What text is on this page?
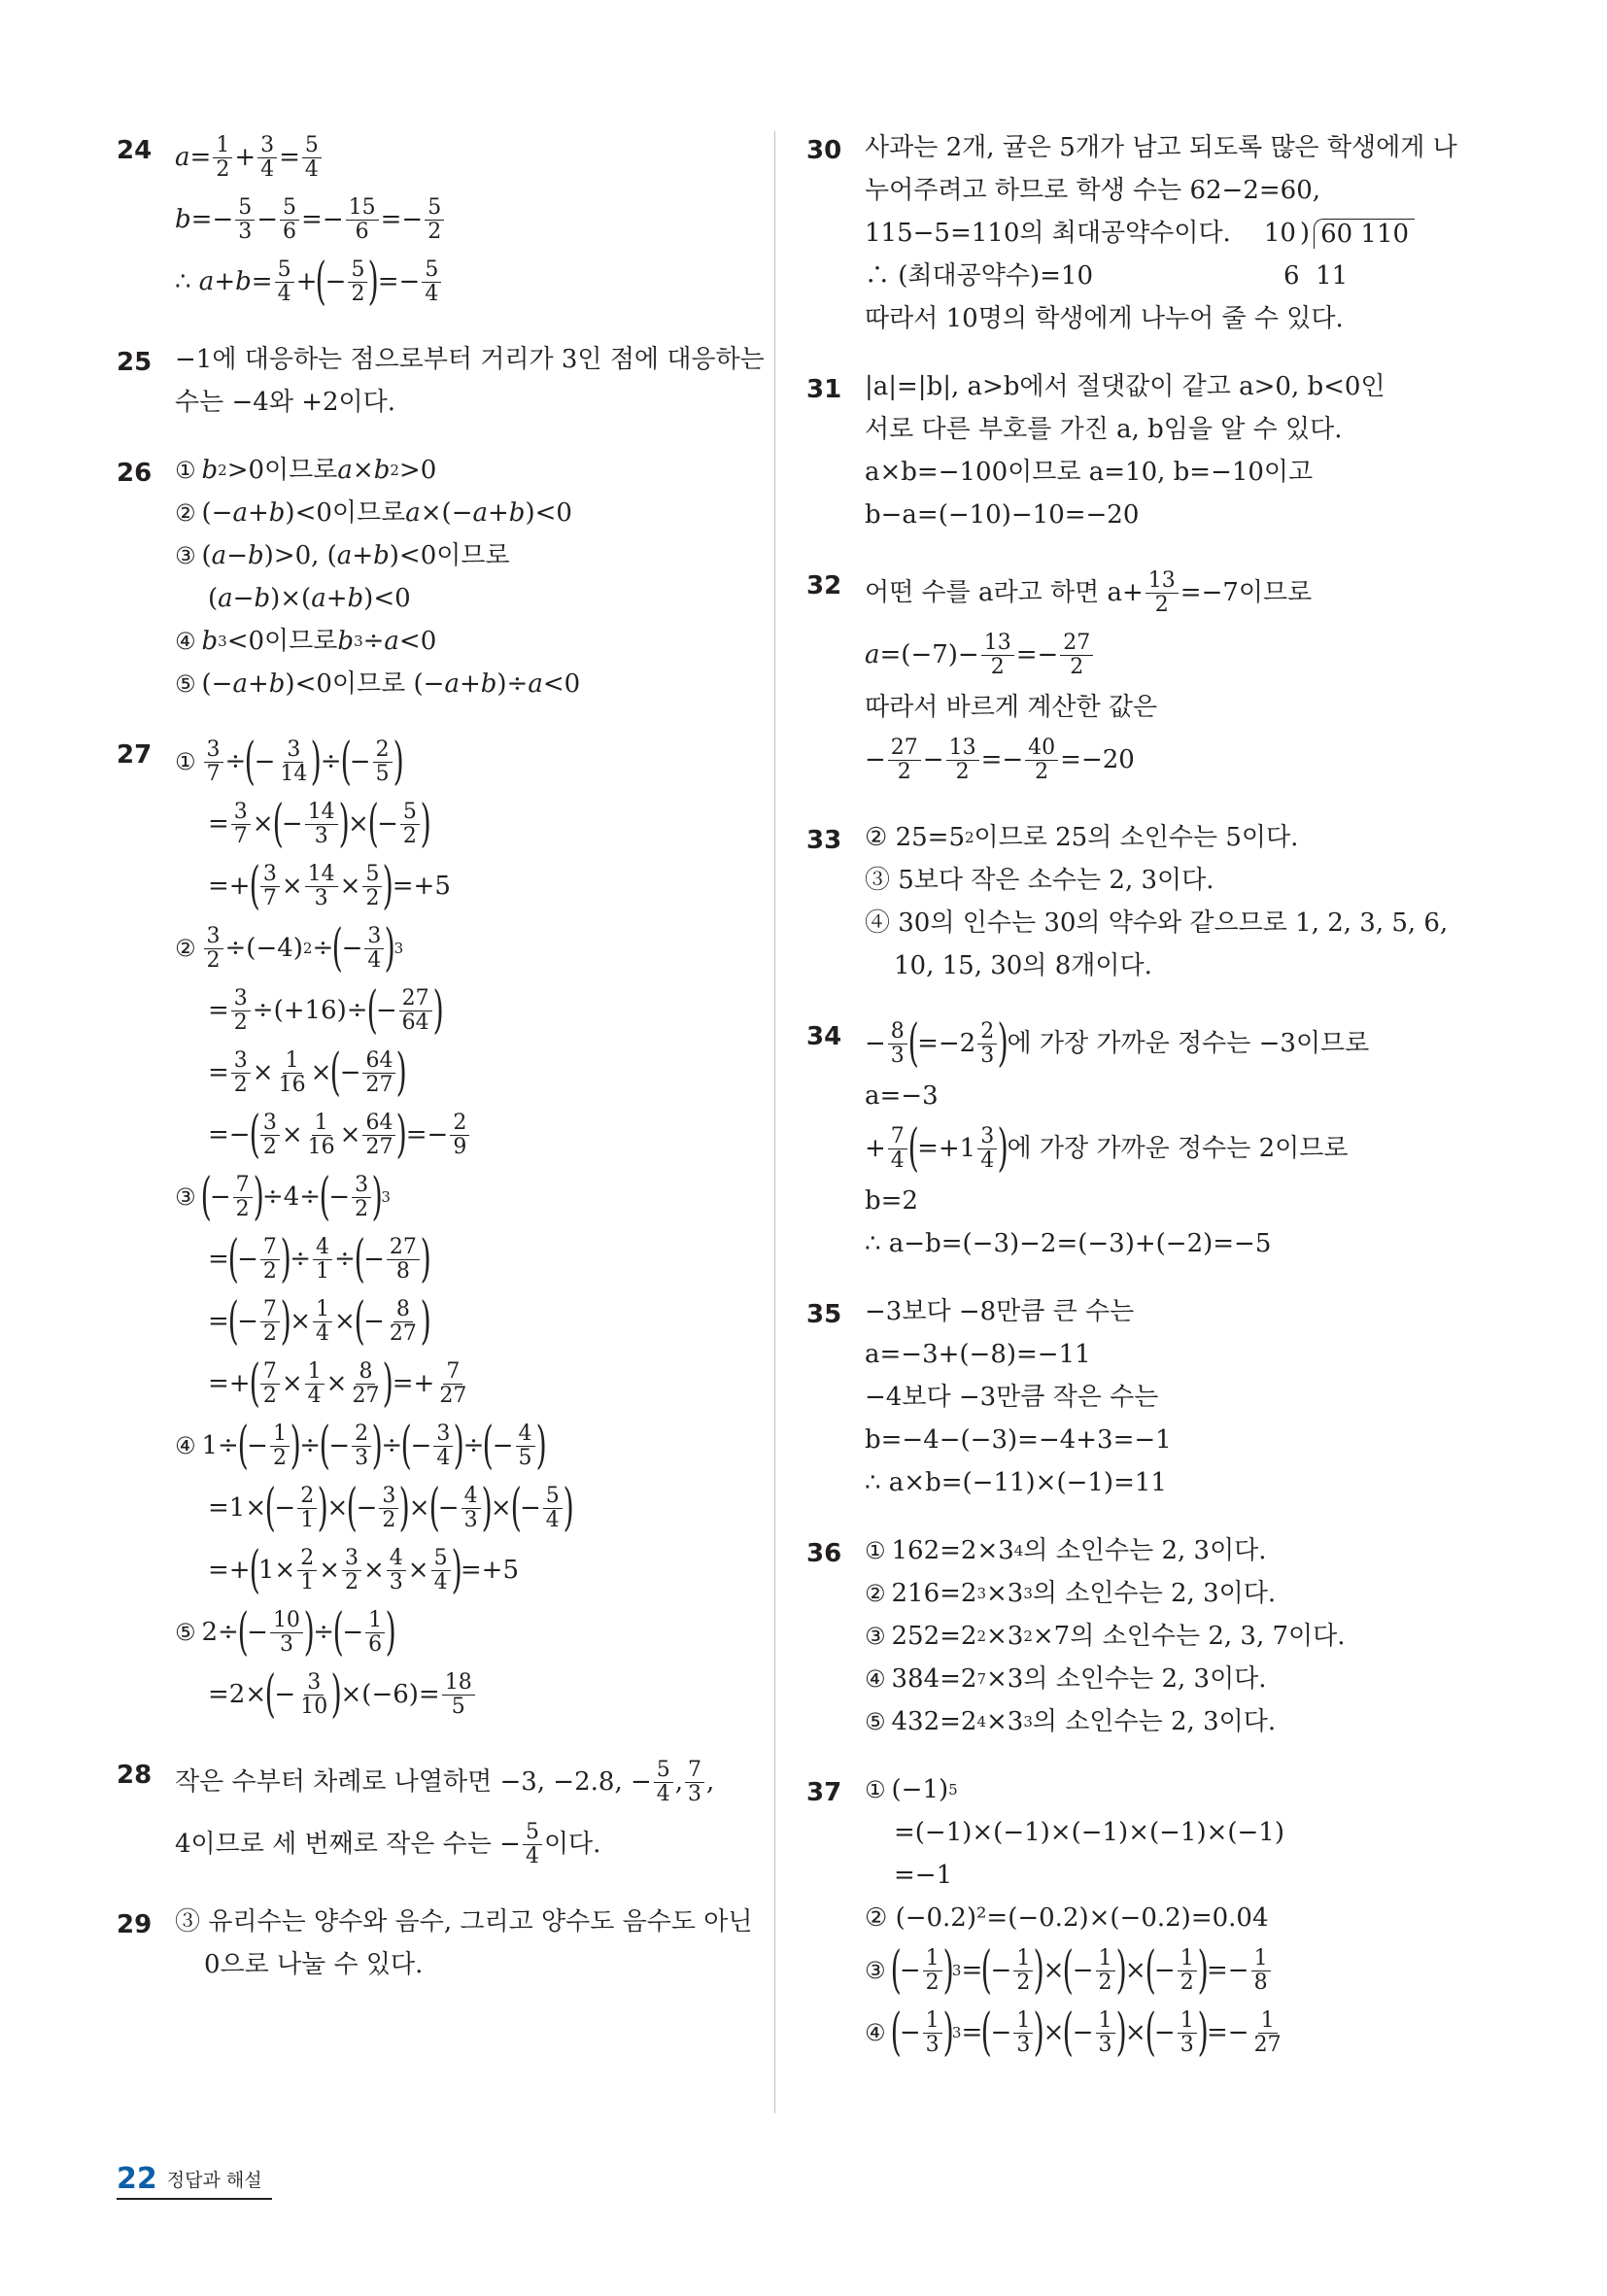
24 $a = \frac{1}{2} + \frac{3}{4} = \frac{5}{4}$
$b =- \frac{5}{3} - \frac{5}{6} =- \frac{15}{6} =- \frac{5}{2}$
∴ $a + b = \frac{5}{4}$ +
(
− $\frac{5}{2}$ )
=− $\frac{5}{4}$
25 −1에 대응하는 점으로부터 거리가 3인 점에 대응하는
수는 −4와 +2이다.
26 ① b 2 >0이므로 a × b 2 >0
② (− a + b )<0이므로 a ×(− a + b )<0
③ ( a − b )>0, ( a + b )<0이므로
( a − b )×( a + b )<0
④ b 3 <0이므로 b 3 ÷ a <0
⑤ (− a + b )<0이므로 (− a + b )÷ a <0
27 ① $\frac{3}{7}$ ÷
(
− $\frac{3}{14}$ )
÷
(
− $\frac{2}{5}$ )
= $\frac{3}{7}$ ×
(
− $\frac{14}{3}$ )
×
(
− $\frac{5}{2}$ )
=+
( $\frac{3}{7} \times \frac{14}{3} \times \frac{5}{2}$ )
=+5
② $\frac{3}{2} \div(-4) 2$ ÷
(
− $\frac{3}{4}$ )
3
= $\frac{3}{2} \div(+16)\div$
(
− $\frac{27}{64}$ )
= $\frac{3}{2} \times \frac{1}{16}$ ×
(
− $\frac{64}{27}$ )
=−
( $\frac{3}{2} \times \frac{1}{16} \times \frac{64}{27}$ )
=− $\frac{2}{9}$
③ (
− $\frac{7}{2}$ )
÷4÷
(
− $\frac{3}{2}$ )
3
=
(
− $\frac{7}{2}$ )
÷ $\frac{4}{1}$ ÷
(
− $\frac{27}{8}$ )
=
(
− $\frac{7}{2}$ )
× $\frac{1}{4}$ ×
(
− $\frac{8}{27}$ )
=+
( $\frac{7}{2} \times \frac{1}{4} \times \frac{8}{27}$ )
=+ $\frac{7}{27}$
④ 1÷
(
− $\frac{1}{2}$ )
÷
(
− $\frac{2}{3}$ )
÷
(
− $\frac{3}{4}$ )
÷
(
− $\frac{4}{5}$ )
=1×
(
− $\frac{2}{1}$ )
×
(
− $\frac{3}{2}$ )
×
(
− $\frac{4}{3}$ )
×
(
− $\frac{5}{4}$ )
=+
(
$1\times \frac{2}{1} \times \frac{3}{2} \times \frac{4}{3} \times \frac{5}{4}$ )
=+5
⑤ 2÷
(
− $\frac{10}{3}$ )
÷
(
− $\frac{1}{6}$ )
=2×
(
− $\frac{3}{10}$ )
$\times(-6)= \frac{18}{5}$
28 작은 수부터 차례로 나열하면 −3, −2.8, − $\frac{5}{4}$ , $\frac{7}{3}$ ,
4이므로 세 번째로 작은 수는 − $\frac{5}{4}$ 이다.
29 ③ 유리수는 양수와 음수, 그리고 양수도 음수도 아닌
0으로 나눌 수 있다.
30 사과는 2개, 귤은 5개가 남고 되도록 많은 학생에게 나
누어주려고 하므로 학생 수는 62−2=60,
115−5=110의 최대공약수이다. 10 ) 60 110
∴ (최대공약수)=10	6  11
따라서 10명의 학생에게 나누어 줄 수 있다.
31 |a|=|b|, a>b에서 절댓값이 같고 a>0, b<0인
서로 다른 부호를 가진 a, b임을 알 수 있다.
a×b=−100이므로 a=10, b=−10이고
b−a=(−10)−10=−20
32 어떤 수를 a라고 하면 $a+ \frac{13}{2} =-7$이므로
$a =(-7)- \frac{13}{2} =- \frac{27}{2}$
따라서 바르게 계산한 값은
− $\frac{27}{2} - \frac{13}{2} =- \frac{40}{2} =-20$
33 ② 25=5 2 이므로 25의 소인수는 5이다.
③ 5보다 작은 소수는 2, 3이다.
④ 30의 인수는 30의 약수와 같으므로 1, 2, 3, 5, 6,
10, 15, 30의 8개이다.
$34 - \frac{8}{3}$ (
$=-2 \frac{2}{3}$ )
에 가장 가까운 정수는 −3이므로
a=−3
+ $\frac{7}{4}$ (
$=+1 \frac{3}{4}$ )
에 가장 가까운 정수는 2이므로
b=2
∴ a−b=(−3)−2=(−3)+(−2)=−5
35 −3보다 −8만큼 큰 수는
a=−3+(−8)=−11
−4보다 −3만큼 작은 수는
b=−4−(−3)=−4+3=−1
∴ a×b=(−11)×(−1)=11
36 ① 162=2×3 4 의 소인수는 2, 3이다.
② 216=2 3 ×3 3 의 소인수는 2, 3이다.
③ 252=2 2 ×3 2 ×7의 소인수는 2, 3, 7이다.
④ 384=2 7 ×3의 소인수는 2, 3이다.
⑤ 432=2 4 ×3 3 의 소인수는 2, 3이다.
37 ① (−1) 5
=(−1)×(−1)×(−1)×(−1)×(−1)
=−1
② (−0.2)²=(−0.2)×(−0.2)=0.04
③ (
− $\frac{1}{2}$ )
3 =
(
− $\frac{1}{2}$ )
×
(
− $\frac{1}{2}$ )
×
(
− $\frac{1}{2}$ )
=− $\frac{1}{8}$
④ (
− $\frac{1}{3}$ )
3 =
(
− $\frac{1}{3}$ )
×
(
− $\frac{1}{3}$ )
×
(
− $\frac{1}{3}$ )
=− $\frac{1}{27}$
22 정답과 해설
